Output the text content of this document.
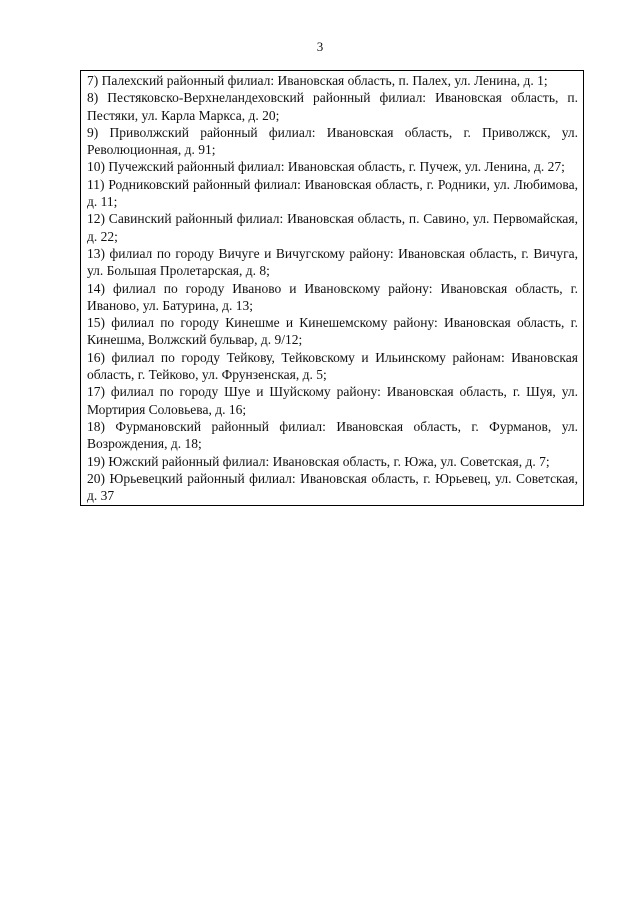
3

7) Палехский районный филиал: Ивановская область, п. Палех, ул. Ленина, д. 1;

8) Пестяковско-Верхнеландеховский районный филиал: Ивановская область, п. Пестяки, ул. Карла Маркса, д. 20;

9) Приволжский районный филиал: Ивановская область, г. Приволжск, ул. Революционная, д. 91;

10) Пучежский районный филиал: Ивановская область, г. Пучеж, ул. Ленина, д. 27;

11) Родниковский районный филиал: Ивановская область, г. Родники, ул. Любимова, д. 11;

12) Савинский районный филиал: Ивановская область, п. Савино, ул. Первомайская, д. 22;

13) филиал по городу Вичуге и Вичугскому району: Ивановская область, г. Вичуга, ул. Большая Пролетарская, д. 8;

14) филиал по городу Иваново и Ивановскому району: Ивановская область, г. Иваново, ул. Батурина, д. 13;

15) филиал по городу Кинешме и Кинешемскому району: Ивановская область, г. Кинешма, Волжский бульвар, д. 9/12;

16) филиал по городу Тейкову, Тейковскому и Ильинскому районам: Ивановская область, г. Тейково, ул. Фрунзенская, д. 5;

17) филиал по городу Шуе и Шуйскому району: Ивановская область, г. Шуя, ул. Мортирия Соловьева, д. 16;

18) Фурмановский районный филиал: Ивановская область, г. Фурманов, ул. Возрождения, д. 18;

19) Южский районный филиал: Ивановская область, г. Южа, ул. Советская, д. 7;

20) Юрьевецкий районный филиал: Ивановская область, г. Юрьевец, ул. Советская, д. 37
